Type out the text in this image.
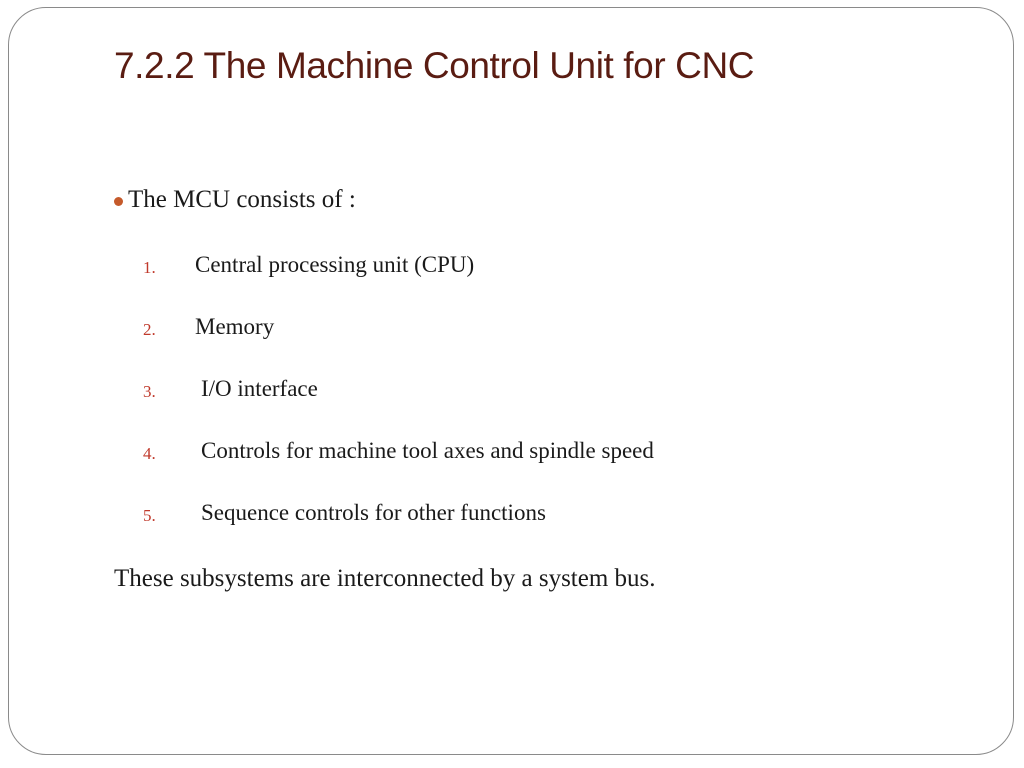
7.2.2 The Machine Control Unit for CNC
The MCU consists of :
1. Central processing unit (CPU)
2. Memory
3. I/O interface
4. Controls for machine tool axes and spindle speed
5. Sequence controls for other functions

These subsystems are interconnected by a system bus.
